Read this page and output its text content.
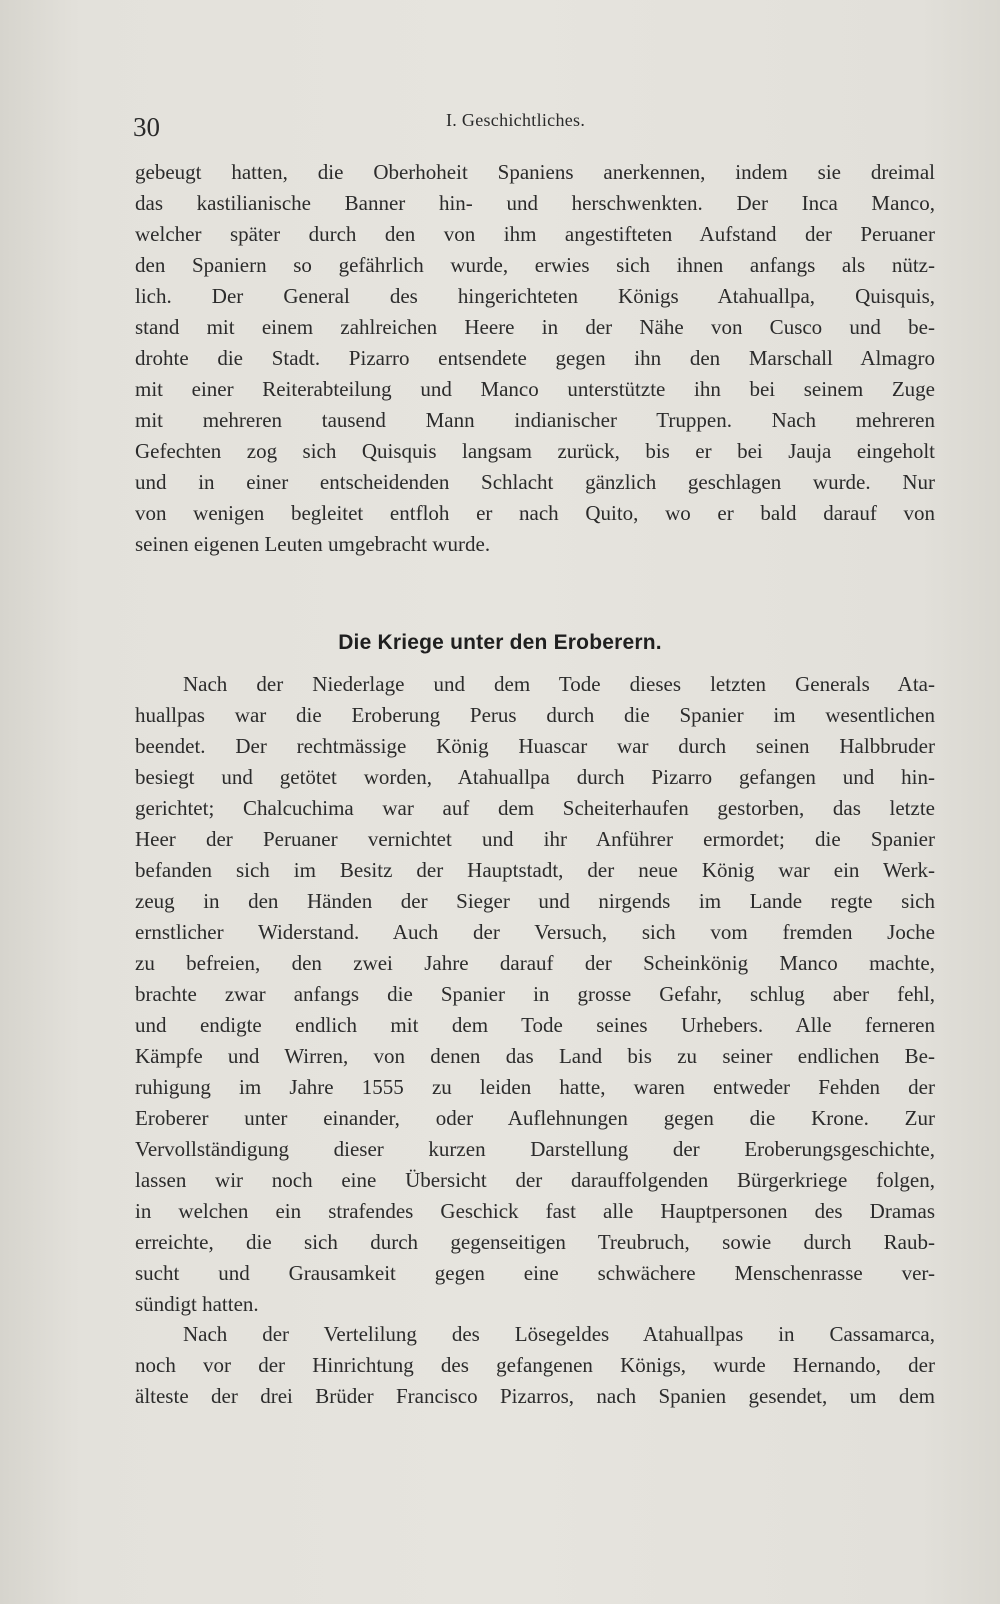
30	I. Geschichtliches.
gebeugt hatten, die Oberhoheit Spaniens anerkennen, indem sie dreimal
das kastilianische Banner hin- und herschwenkten. Der Inca Manco,
welcher später durch den von ihm angestifteten Aufstand der Peruaner
den Spaniern so gefährlich wurde, erwies sich ihnen anfangs als nütz-
lich. Der General des hingerichteten Königs Atahuallpa, Quisquis,
stand mit einem zahlreichen Heere in der Nähe von Cusco und be-
drohte die Stadt. Pizarro entsendete gegen ihn den Marschall Almagro
mit einer Reiterabteilung und Manco unterstützte ihn bei seinem Zuge
mit mehreren tausend Mann indianischer Truppen. Nach mehreren
Gefechten zog sich Quisquis langsam zurück, bis er bei Jauja eingeholt
und in einer entscheidenden Schlacht gänzlich geschlagen wurde. Nur
von wenigen begleitet entfloh er nach Quito, wo er bald darauf von
seinen eigenen Leuten umgebracht wurde.
Die Kriege unter den Eroberern.
Nach der Niederlage und dem Tode dieses letzten Generals Ata-
huallpas war die Eroberung Perus durch die Spanier im wesentlichen
beendet. Der rechtmässige König Huascar war durch seinen Halbbruder
besiegt und getötet worden, Atahuallpa durch Pizarro gefangen und hin-
gerichtet; Chalcuchima war auf dem Scheiterhaufen gestorben, das letzte
Heer der Peruaner vernichtet und ihr Anführer ermordet; die Spanier
befanden sich im Besitz der Hauptstadt, der neue König war ein Werk-
zeug in den Händen der Sieger und nirgends im Lande regte sich
ernstlicher Widerstand. Auch der Versuch, sich vom fremden Joche
zu befreien, den zwei Jahre darauf der Scheinkönig Manco machte,
brachte zwar anfangs die Spanier in grosse Gefahr, schlug aber fehl,
und endigte endlich mit dem Tode seines Urhebers. Alle ferneren
Kämpfe und Wirren, von denen das Land bis zu seiner endlichen Be-
ruhigung im Jahre 1555 zu leiden hatte, waren entweder Fehden der
Eroberer unter einander, oder Auflehnungen gegen die Krone. Zur
Vervollständigung dieser kurzen Darstellung der Eroberungsgeschichte,
lassen wir noch eine Übersicht der darauffolgenden Bürgerkriege folgen,
in welchen ein strafendes Geschick fast alle Hauptpersonen des Dramas
erreichte, die sich durch gegenseitigen Treubruch, sowie durch Raub-
sucht und Grausamkeit gegen eine schwächere Menschenrasse ver-
sündigt hatten.
Nach der Vertelilung des Lösegeldes Atahuallpas in Cassamarca,
noch vor der Hinrichtung des gefangenen Königs, wurde Hernando, der
älteste der drei Brüder Francisco Pizarros, nach Spanien gesendet, um dem
